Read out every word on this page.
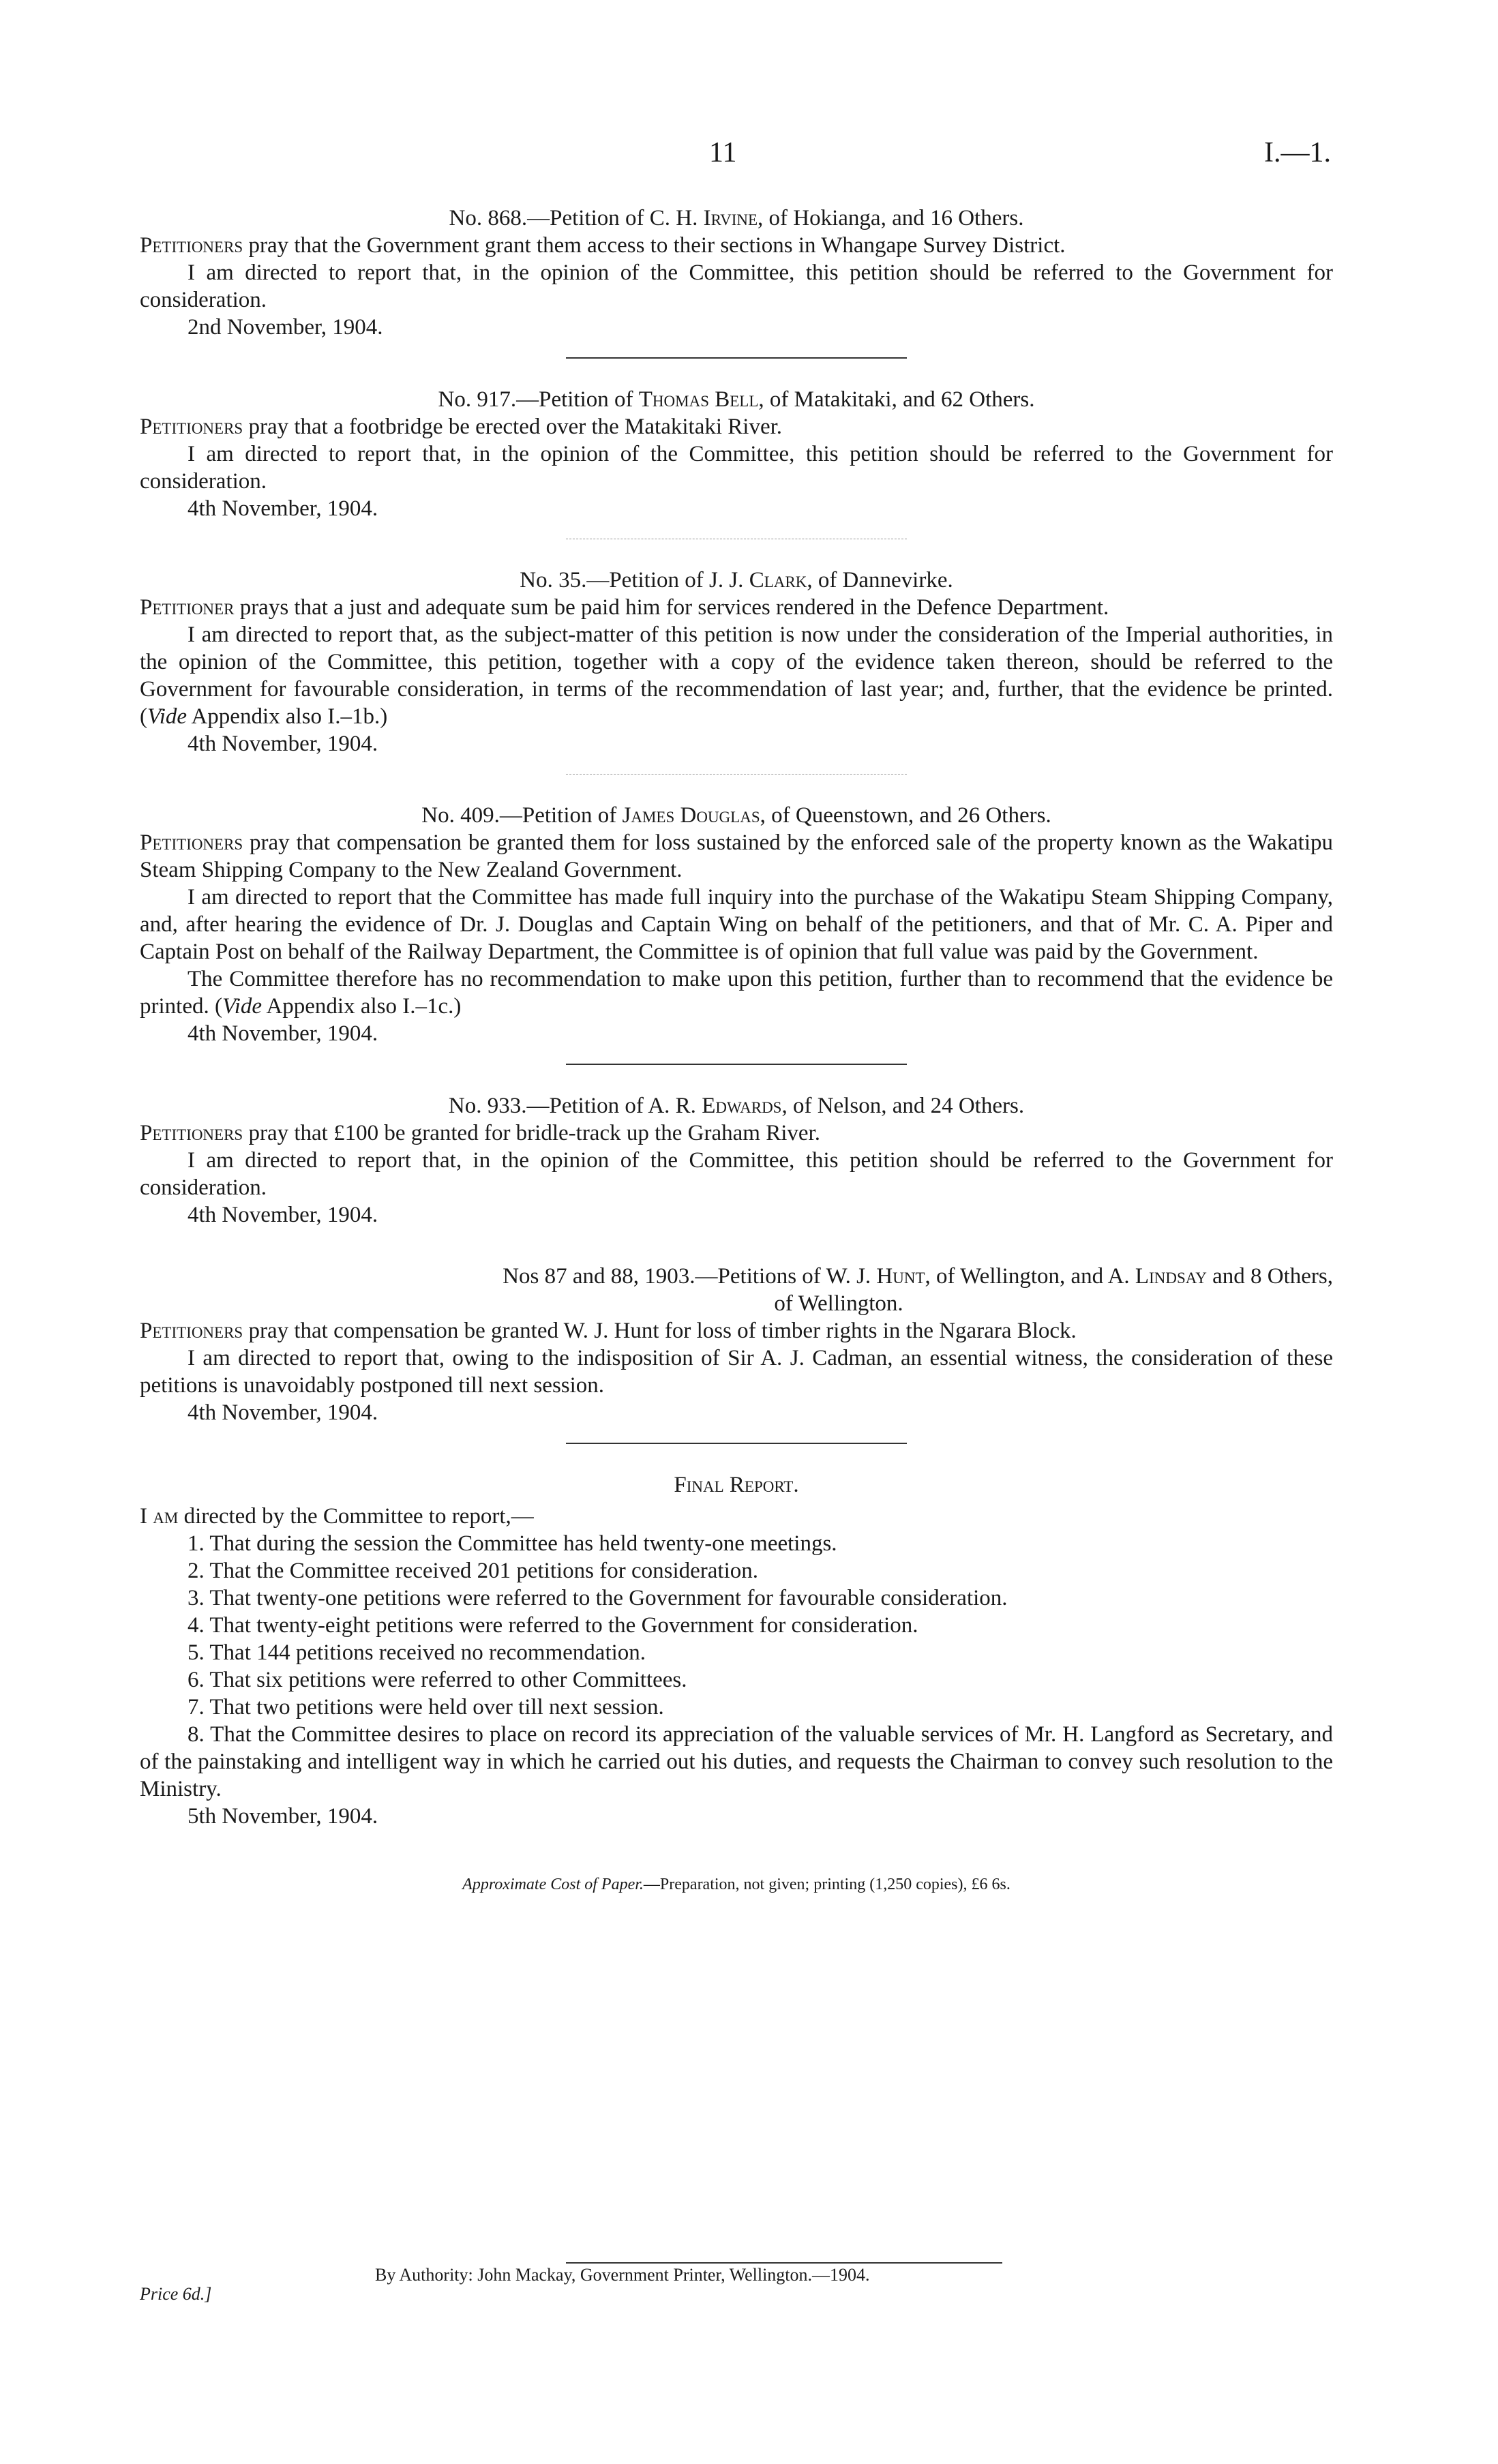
11	I.—1.

No. 868.—Petition of C. H. Irvine, of Hokianga, and 16 Others.

Petitioners pray that the Government grant them access to their sections in Whangape Survey District.

I am directed to report that, in the opinion of the Committee, this petition should be referred to the Government for consideration.

2nd November, 1904.

No. 917.—Petition of Thomas Bell, of Matakitaki, and 62 Others.

Petitioners pray that a footbridge be erected over the Matakitaki River.

I am directed to report that, in the opinion of the Committee, this petition should be referred to the Government for consideration.

4th November, 1904.

No. 35.—Petition of J. J. Clark, of Dannevirke.

Petitioner prays that a just and adequate sum be paid him for services rendered in the Defence Department.

I am directed to report that, as the subject-matter of this petition is now under the consideration of the Imperial authorities, in the opinion of the Committee, this petition, together with a copy of the evidence taken thereon, should be referred to the Government for favourable consideration, in terms of the recommendation of last year; and, further, that the evidence be printed. (Vide Appendix also I.–1b.)

4th November, 1904.

No. 409.—Petition of James Douglas, of Queenstown, and 26 Others.

Petitioners pray that compensation be granted them for loss sustained by the enforced sale of the property known as the Wakatipu Steam Shipping Company to the New Zealand Government.

I am directed to report that the Committee has made full inquiry into the purchase of the Wakatipu Steam Shipping Company, and, after hearing the evidence of Dr. J. Douglas and Captain Wing on behalf of the petitioners, and that of Mr. C. A. Piper and Captain Post on behalf of the Railway Department, the Committee is of opinion that full value was paid by the Government.

The Committee therefore has no recommendation to make upon this petition, further than to recommend that the evidence be printed. (Vide Appendix also I.–1c.)

4th November, 1904.

No. 933.—Petition of A. R. Edwards, of Nelson, and 24 Others.

Petitioners pray that £100 be granted for bridle-track up the Graham River.

I am directed to report that, in the opinion of the Committee, this petition should be referred to the Government for consideration.

4th November, 1904.

Nos 87 and 88, 1903.—Petitions of W. J. Hunt, of Wellington, and A. Lindsay and 8 Others,
of Wellington.

Petitioners pray that compensation be granted W. J. Hunt for loss of timber rights in the Ngarara Block.

I am directed to report that, owing to the indisposition of Sir A. J. Cadman, an essential witness, the consideration of these petitions is unavoidably postponed till next session.

4th November, 1904.

Final Report.

I am directed by the Committee to report,—

1. That during the session the Committee has held twenty-one meetings.

2. That the Committee received 201 petitions for consideration.

3. That twenty-one petitions were referred to the Government for favourable consideration.

4. That twenty-eight petitions were referred to the Government for consideration.

5. That 144 petitions received no recommendation.

6. That six petitions were referred to other Committees.

7. That two petitions were held over till next session.

8. That the Committee desires to place on record its appreciation of the valuable services of Mr. H. Langford as Secretary, and of the painstaking and intelligent way in which he carried out his duties, and requests the Chairman to convey such resolution to the Ministry.

5th November, 1904.

Approximate Cost of Paper.—Preparation, not given; printing (1,250 copies), £6 6s.
By Authority: John Mackay, Government Printer, Wellington.—1904.
Price 6d.]
